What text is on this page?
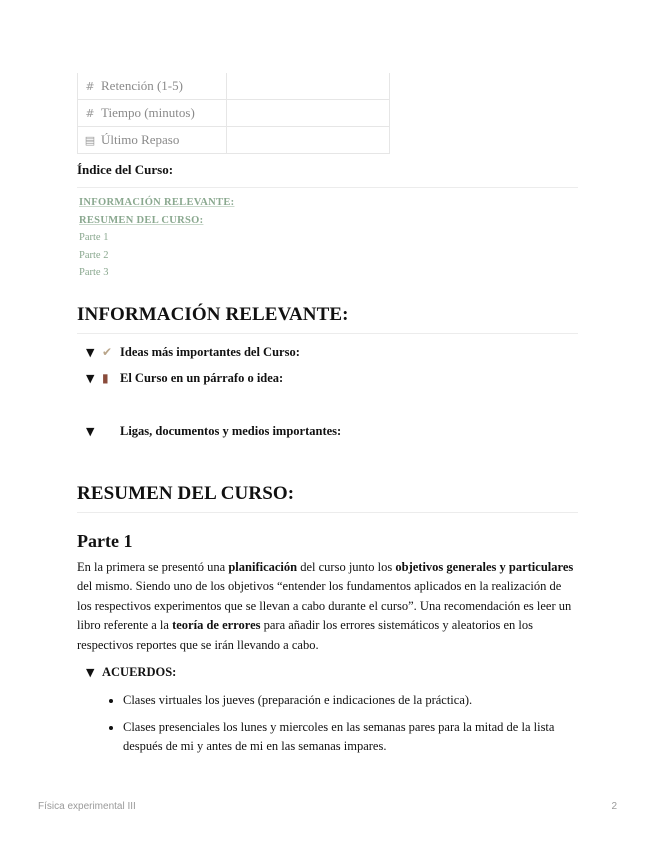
# Retención (1-5)	
# Tiempo (minutos)	
▤ Último Repaso	
Índice del Curso:
INFORMACIÓN RELEVANTE:
RESUMEN DEL CURSO:
Parte 1
Parte 2
Parte 3
INFORMACIÓN RELEVANTE:
▼ ✔ Ideas más importantes del Curso:
▼ ▮ El Curso en un párrafo o idea:
▼ Ligas, documentos y medios importantes:
RESUMEN DEL CURSO:
Parte 1

En la primera se presentó una planificación del curso junto los objetivos generales y particulares del mismo. Siendo uno de los objetivos “entender los fundamentos aplicados en la realización de los respectivos experimentos que se llevan a cabo durante el curso”. Una recomendación es leer un libro referente a la teoría de errores para añadir los errores sistemáticos y aleatorios en los respectivos reportes que se irán llevando a cabo.

▼ ACUERDOS:
• Clases virtuales los jueves (preparación e indicaciones de la práctica).
• Clases presenciales los lunes y miercoles en las semanas pares para la mitad de la lista después de mi y antes de mi en las semanas impares.
Física experimental III	2
